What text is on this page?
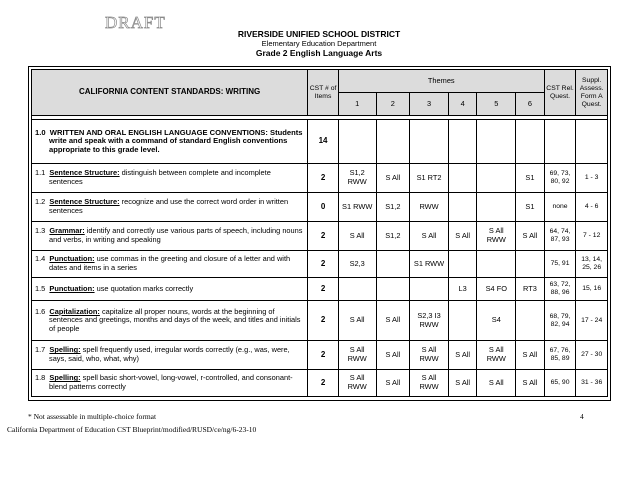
DRAFT
RIVERSIDE UNIFIED SCHOOL DISTRICT
Elementary Education Department
Grade 2 English Language Arts
CALIFORNIA CONTENT STANDARDS: WRITING	CST # of Items	Themes						CST Rel. Quest.	Suppl. Assess. Form A Quest.
		1	2	3	4	5	6		

1.0 WRITTEN AND ORAL ENGLISH LANGUAGE CONVENTIONS: Students write and speak with a command of standard English conventions appropriate to this grade level.	14								
1.1 Sentence Structure: distinguish between complete and incomplete sentences	2	S1,2 RWW	S All	S1 RT2			S1	69, 73, 80, 92	1 - 3
1.2 Sentence Structure: recognize and use the correct word order in written sentences	0	S1 RWW	S1,2	RWW			S1	none	4 - 6
1.3 Grammar: identify and correctly use various parts of speech, including nouns and verbs, in writing and speaking	2	S All	S1,2	S All	S All	S All RWW	S All	64, 74, 87, 93	7 - 12
1.4 Punctuation: use commas in the greeting and closure of a letter and with dates and items in a series	2	S2,3		S1 RWW				75, 91	13, 14, 25, 26
1.5 Punctuation: use quotation marks correctly	2				L3	S4 FO	RT3	63, 72, 88, 96	15, 16
1.6 Capitalization: capitalize all proper nouns, words at the beginning of sentences and greetings, months and days of the week, and titles and initials of people	2	S All	S All	S2,3 I3 RWW		S4		68, 79, 82, 94	17 - 24
1.7 Spelling: spell frequently used, irregular words correctly (e.g., was, were, says, said, who, what, why)	2	S All RWW	S All	S All RWW	S All	S All RWW	S All	67, 76, 85, 89	27 - 30
1.8 Spelling: spell basic short-vowel, long-vowel, r-controlled, and consonant-blend patterns correctly	2	S All RWW	S All	S All RWW	S All	S All	S All	65, 90	31 - 36
* Not assessable in multiple-choice format	4
California Department of Education CST Blueprint/modified/RUSD/ce/ng/6-23-10
